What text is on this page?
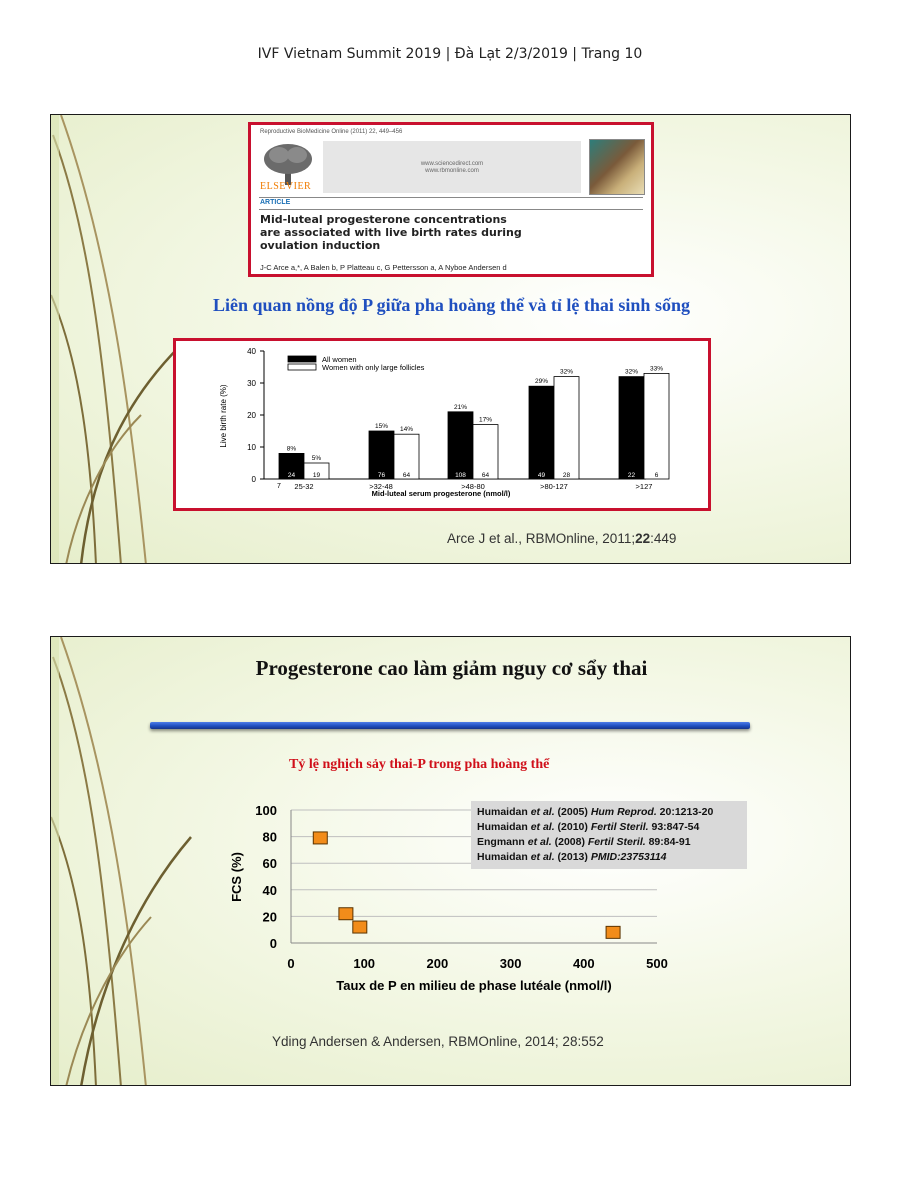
IVF Vietnam Summit 2019 | Đà Lạt 2/3/2019 | Trang 10
Reproductive BioMedicine Online (2011) 22, 449–456
ELSEVIER
www.sciencedirect.com
www.rbmonline.com
ARTICLE
Mid-luteal progesterone concentrations
are associated with live birth rates during
ovulation induction
J-C Arce a,*, A Balen b, P Platteau c, G Pettersson a, A Nyboe Andersen d
Liên quan nồng độ P giữa pha hoàng thể và tỉ lệ thai sinh sống
0
10
20
30
40
Live birth rate (%)
8%
24
5%
19
15%
76
14%
64
21%
108
17%
64
29%
49
32%
28
32%
22
33%
6
>32-48	>48-80	>80-127	>127
7 25-32
Mid-luteal serum progesterone (nmol/l)
All women
Women with only large follicles
Arce J et al., RBMOnline, 2011;22:449
Progesterone cao làm giảm nguy cơ sẩy thai
Tỷ lệ nghịch sảy thai-P trong pha hoàng thể
0
20
40
60
80
100
0	100	200	300	400	500
Taux de P en milieu de phase lutéale (nmol/l)
FCS (%)
Humaidan et al. (2005) Hum Reprod. 20:1213-20
Humaidan et al. (2010) Fertil Steril. 93:847-54
Engmann et al. (2008) Fertil Steril. 89:84-91
Humaidan et al. (2013) PMID:23753114
Yding Andersen & Andersen, RBMOnline, 2014; 28:552
